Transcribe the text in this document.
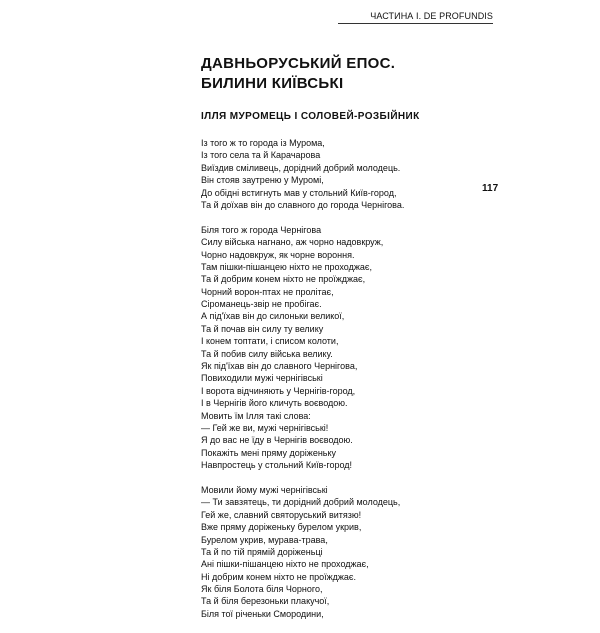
ЧАСТИНА I. DE PROFUNDIS
ДАВНЬОРУСЬКИЙ ЕПОС.
БИЛИНИ КИЇВСЬКІ
ІЛЛЯ МУРОМЕЦЬ І СОЛОВЕЙ-РОЗБІЙНИК
117
Із того ж то города із Мурома,
Із того села та й Карачарова
Виїздив сміливець, дорідний добрий молодець.
Він стояв заутреню у Муромі,
До обідні встигнуть мав у стольний Київ-город,
Та й доїхав він до славного до города Чернігова.
Біля того ж города Чернігова
Силу війська нагнано, аж чорно надовкруж,
Чорно надовкруж, як чорне вороння.
Там пішки-пішанцею ніхто не проходжає,
Та й добрим конем ніхто не проїжджає,
Чорний ворон-птах не пролітає,
Сіроманець-звір не пробігає.
А під'їхав він до силоньки великої,
Та й почав він силу ту велику
І конем топтати, і списом колоти,
Та й побив силу війська велику.
Як під'їхав він до славного Чернігова,
Повиходили мужі чернігівські
І ворота відчиняють у Чернігів-город,
І в Чернігів його кличуть воєводою.
Мовить їм Ілля такі слова:
— Гей же ви, мужі чернігівські!
Я до вас не їду в Чернігів воєводою.
Покажіть мені пряму доріженьку
Навпростець у стольний Київ-город!
Мовили йому мужі чернігівські
— Ти завзятець, ти дорідний добрий молодець,
Гей же, славний святоруський витязю!
Вже пряму доріженьку бурелом укрив,
Бурелом укрив, мурава-трава,
Та й по тій прямій доріженьці
Ані пішки-пішанцею ніхто не проходжає,
Ні добрим конем ніхто не проїжджає.
Як біля Болота біля Чорного,
Та й біля березоньки плакучої,
Біля тої річеньки Смородини,
